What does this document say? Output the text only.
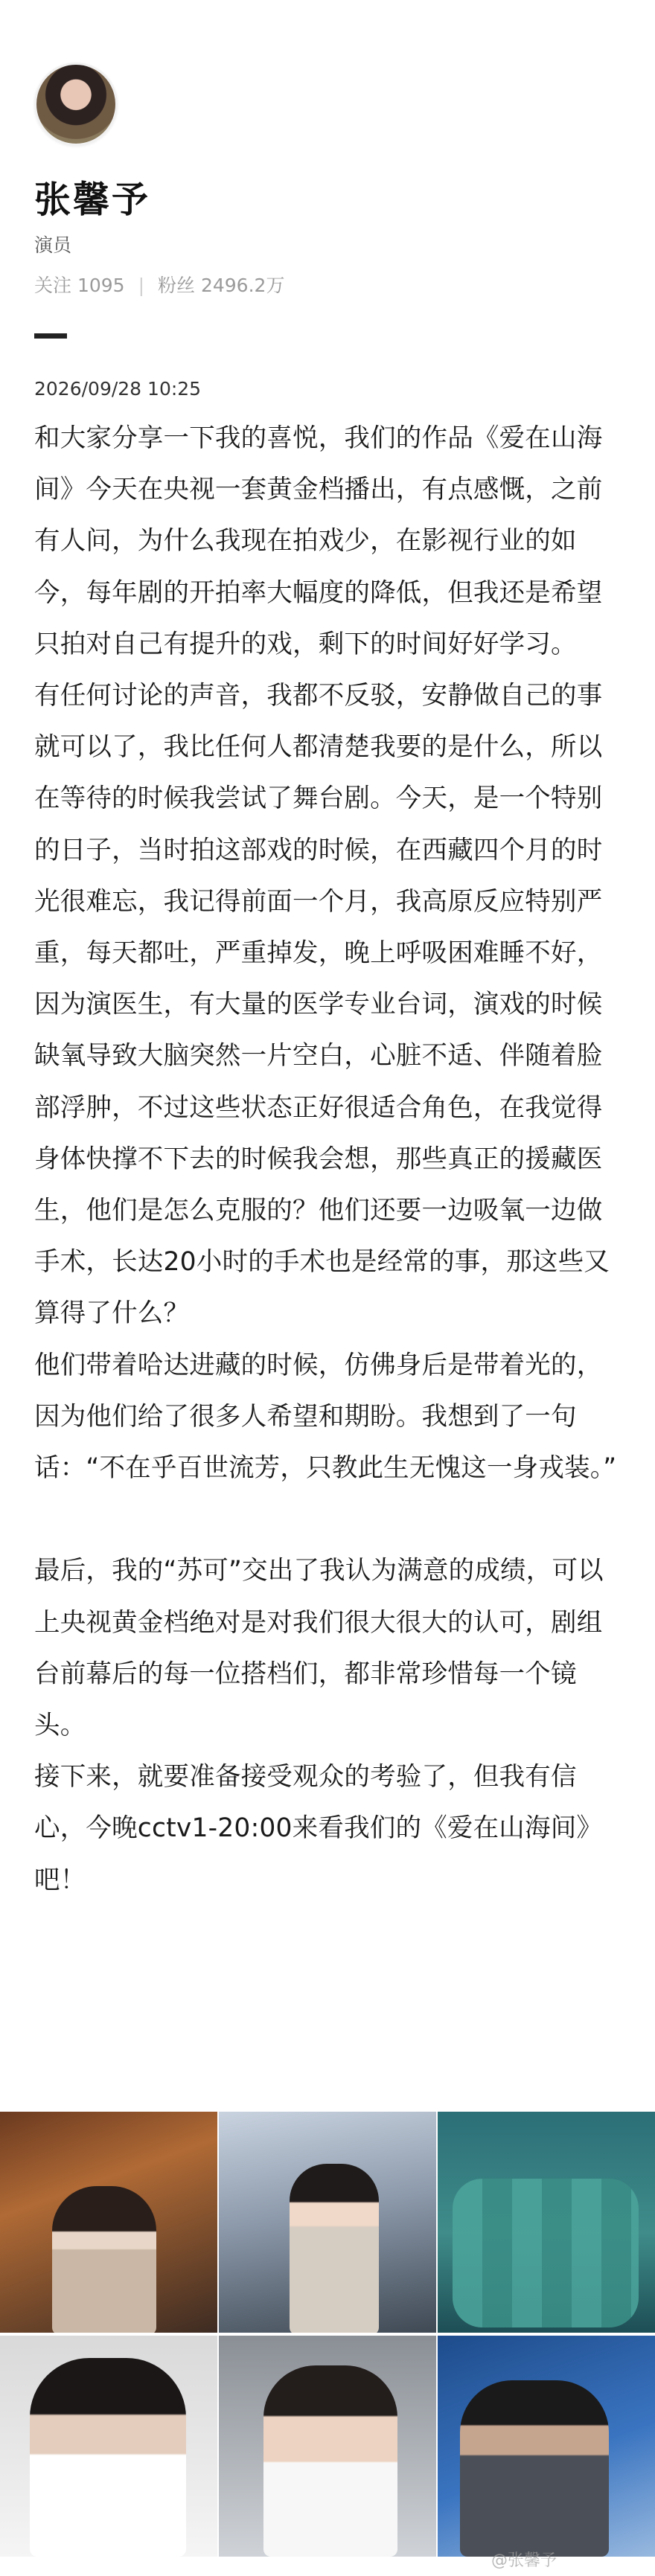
张馨予
演员
关注 1095 | 粉丝 2496.2万
2026/09/28 10:25

和大家分享一下我的喜悦，我们的作品《爱在山海间》今天在央视一套黄金档播出，有点感慨，之前有人问，为什么我现在拍戏少，在影视行业的如今，每年剧的开拍率大幅度的降低，但我还是希望只拍对自己有提升的戏，剩下的时间好好学习。

有任何讨论的声音，我都不反驳，安静做自己的事就可以了，我比任何人都清楚我要的是什么，所以在等待的时候我尝试了舞台剧。今天，是一个特别的日子，当时拍这部戏的时候，在西藏四个月的时光很难忘，我记得前面一个月，我高原反应特别严重，每天都吐，严重掉发，晚上呼吸困难睡不好，因为演医生，有大量的医学专业台词，演戏的时候缺氧导致大脑突然一片空白，心脏不适、伴随着脸部浮肿，不过这些状态正好很适合角色，在我觉得身体快撑不下去的时候我会想，那些真正的援藏医生，他们是怎么克服的？他们还要一边吸氧一边做手术，长达20小时的手术也是经常的事，那这些又算得了什么？

他们带着哈达进藏的时候，仿佛身后是带着光的，因为他们给了很多人希望和期盼。我想到了一句话：“不在乎百世流芳，只教此生无愧这一身戎装。”

最后，我的“苏可”交出了我认为满意的成绩，可以上央视黄金档绝对是对我们很大很大的认可，剧组台前幕后的每一位搭档们，都非常珍惜每一个镜头。

接下来，就要准备接受观众的考验了，但我有信心，今晚cctv1-20:00来看我们的《爱在山海间》吧！

@张馨予
